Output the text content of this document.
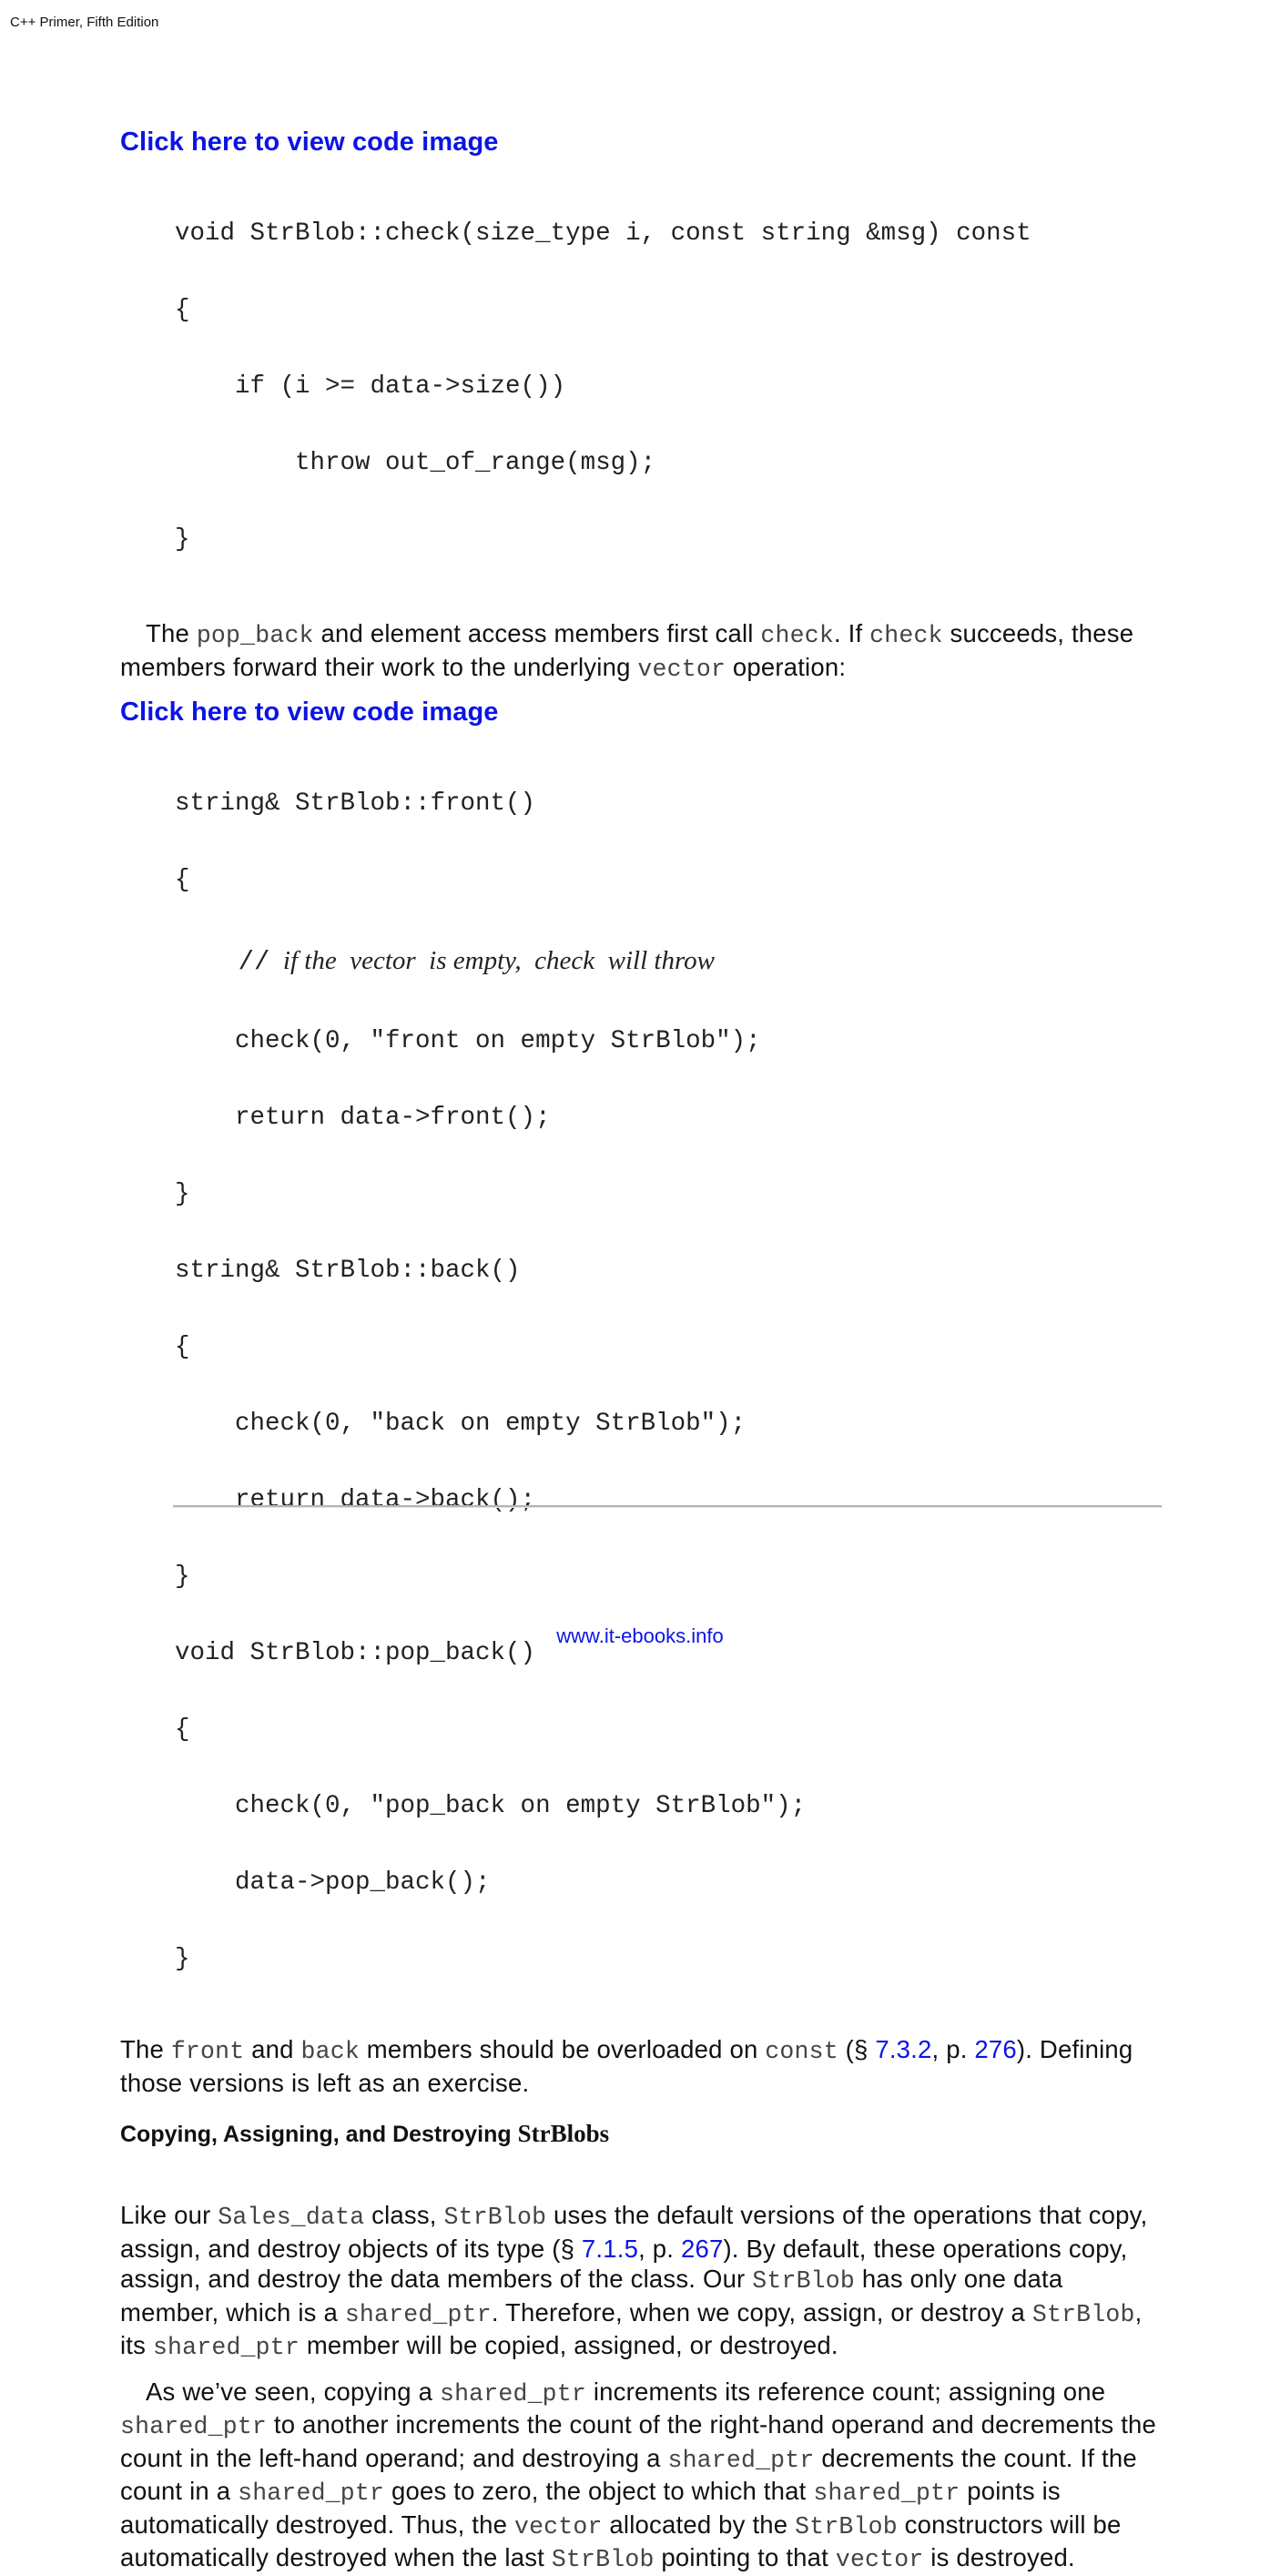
C++ Primer, Fifth Edition
Click here to view code image

void StrBlob::check(size_type i, const string &msg) const

{

if (i >= data->size())

throw out_of_range(msg);

}

The pop_back and element access members first call check. If check succeeds, these members forward their work to the underlying vector operation:

Click here to view code image

string& StrBlob::front()

{

//  if the  vector  is empty,  check  will throw

check(0, "front on empty StrBlob");

return data->front();

}

string& StrBlob::back()

{

check(0, "back on empty StrBlob");

return data->back();

}

void StrBlob::pop_back()

{

check(0, "pop_back on empty StrBlob");

data->pop_back();

}

The front and back members should be overloaded on const (§ 7.3.2, p. 276). Defining those versions is left as an exercise.

Copying, Assigning, and Destroying StrBlobs

Like our Sales_data class, StrBlob uses the default versions of the operations that copy, assign, and destroy objects of its type (§ 7.1.5, p. 267). By default, these operations copy, assign, and destroy the data members of the class. Our StrBlob has only one data member, which is a shared_ptr. Therefore, when we copy, assign, or destroy a StrBlob, its shared_ptr member will be copied, assigned, or destroyed.

As we’ve seen, copying a shared_ptr increments its reference count; assigning one shared_ptr to another increments the count of the right-hand operand and decrements the count in the left-hand operand; and destroying a shared_ptr decrements the count. If the count in a shared_ptr goes to zero, the object to which that shared_ptr points is automatically destroyed. Thus, the vector allocated by the StrBlob constructors will be automatically destroyed when the last StrBlob pointing to that vector is destroyed.

www.it-ebooks.info
